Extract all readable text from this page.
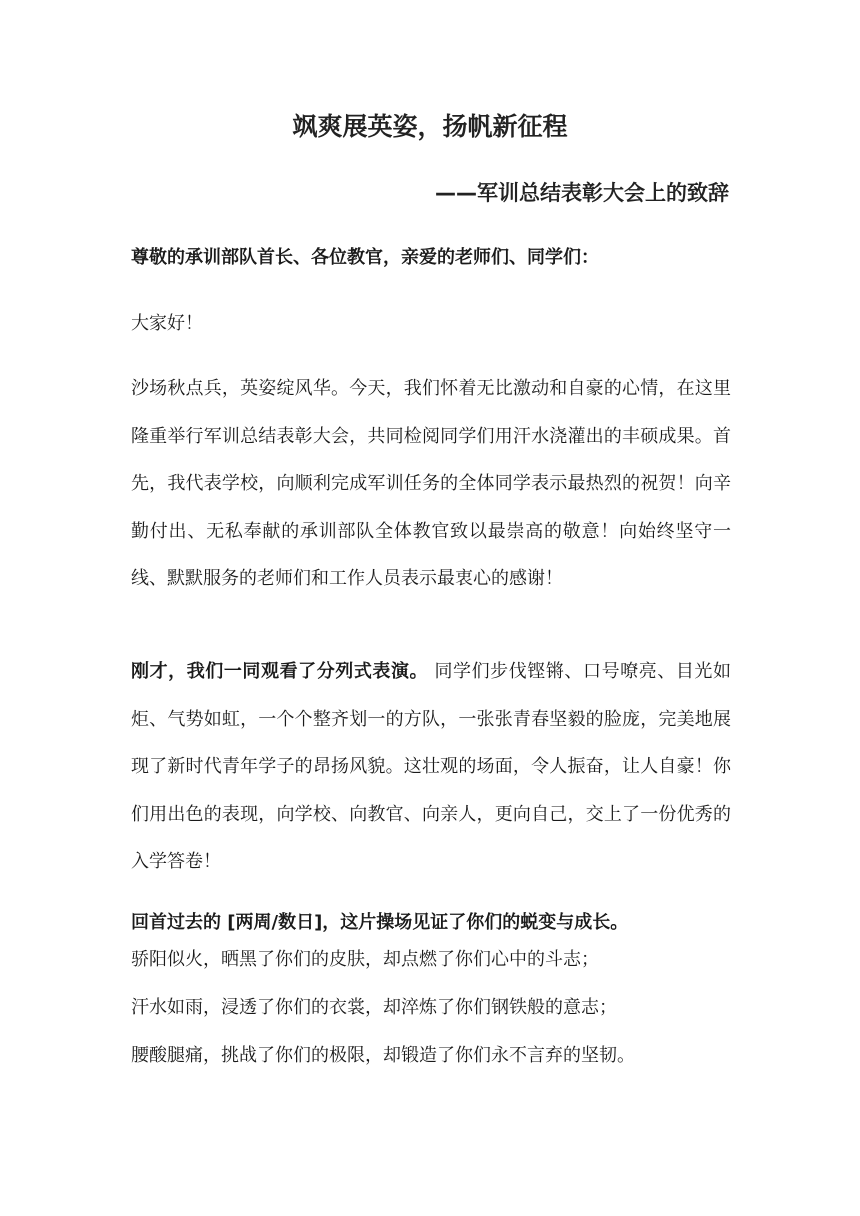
飒爽展英姿，扬帆新征程
——军训总结表彰大会上的致辞
尊敬的承训部队首长、各位教官，亲爱的老师们、同学们：
大家好！
沙场秋点兵，英姿绽风华。今天，我们怀着无比激动和自豪的心情，在这里隆重举行军训总结表彰大会，共同检阅同学们用汗水浇灌出的丰硕成果。首先，我代表学校，向顺利完成军训任务的全体同学表示最热烈的祝贺！向辛勤付出、无私奉献的承训部队全体教官致以最崇高的敬意！向始终坚守一线、默默服务的老师们和工作人员表示最衷心的感谢！
刚才，我们一同观看了分列式表演。 同学们步伐铿锵、口号嘹亮、目光如炬、气势如虹，一个个整齐划一的方队，一张张青春坚毅的脸庞，完美地展现了新时代青年学子的昂扬风貌。这壮观的场面，令人振奋，让人自豪！你们用出色的表现，向学校、向教官、向亲人，更向自己，交上了一份优秀的入学答卷！
回首过去的 [两周/数日]，这片操场见证了你们的蜕变与成长。
骄阳似火，晒黑了你们的皮肤，却点燃了你们心中的斗志；
汗水如雨，浸透了你们的衣裳，却淬炼了你们钢铁般的意志；
腰酸腿痛，挑战了你们的极限，却锻造了你们永不言弃的坚韧。
